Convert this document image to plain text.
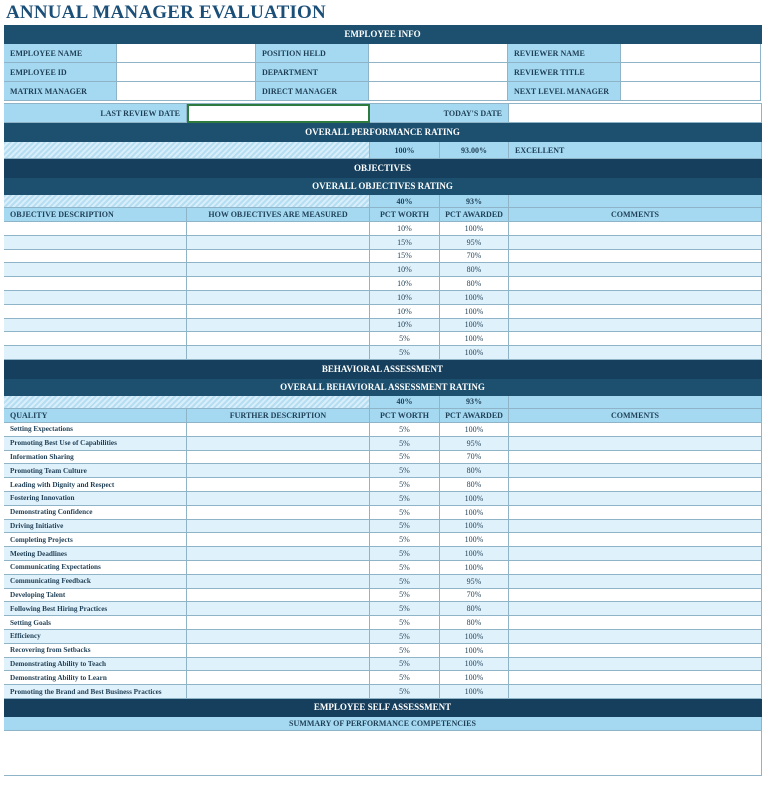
ANNUAL MANAGER EVALUATION
EMPLOYEE INFO
EMPLOYEE NAME	POSITION HELD	REVIEWER NAME
EMPLOYEE ID	DEPARTMENT	REVIEWER TITLE
MATRIX MANAGER	DIRECT MANAGER	NEXT LEVEL MANAGER
LAST REVIEW DATE	TODAY'S DATE
OVERALL PERFORMANCE RATING
100%	93.00%	EXCELLENT
OBJECTIVES
OVERALL OBJECTIVES RATING
40%	93%
OBJECTIVE DESCRIPTION	HOW OBJECTIVES ARE MEASURED	PCT WORTH	PCT AWARDED	COMMENTS
10%	100%
15%	95%
15%	70%
10%	80%
10%	80%
10%	100%
10%	100%
10%	100%
5%	100%
5%	100%
BEHAVIORAL ASSESSMENT
OVERALL BEHAVIORAL ASSESSMENT RATING
40%	93%
QUALITY	FURTHER DESCRIPTION	PCT WORTH	PCT AWARDED	COMMENTS
Setting Expectations	5%	100%
Promoting Best Use of Capabilities	5%	95%
Information Sharing	5%	70%
Promoting Team Culture	5%	80%
Leading with Dignity and Respect	5%	80%
Fostering Innovation	5%	100%
Demonstrating Confidence	5%	100%
Driving Initiative	5%	100%
Completing Projects	5%	100%
Meeting Deadlines	5%	100%
Communicating Expectations	5%	100%
Communicating Feedback	5%	95%
Developing Talent	5%	70%
Following Best Hiring Practices	5%	80%
Setting Goals	5%	80%
Efficiency	5%	100%
Recovering from Setbacks	5%	100%
Demonstrating Ability to Teach	5%	100%
Demonstrating Ability to Learn	5%	100%
Promoting the Brand and Best Business Practices	5%	100%
EMPLOYEE SELF ASSESSMENT
SUMMARY OF PERFORMANCE COMPETENCIES
